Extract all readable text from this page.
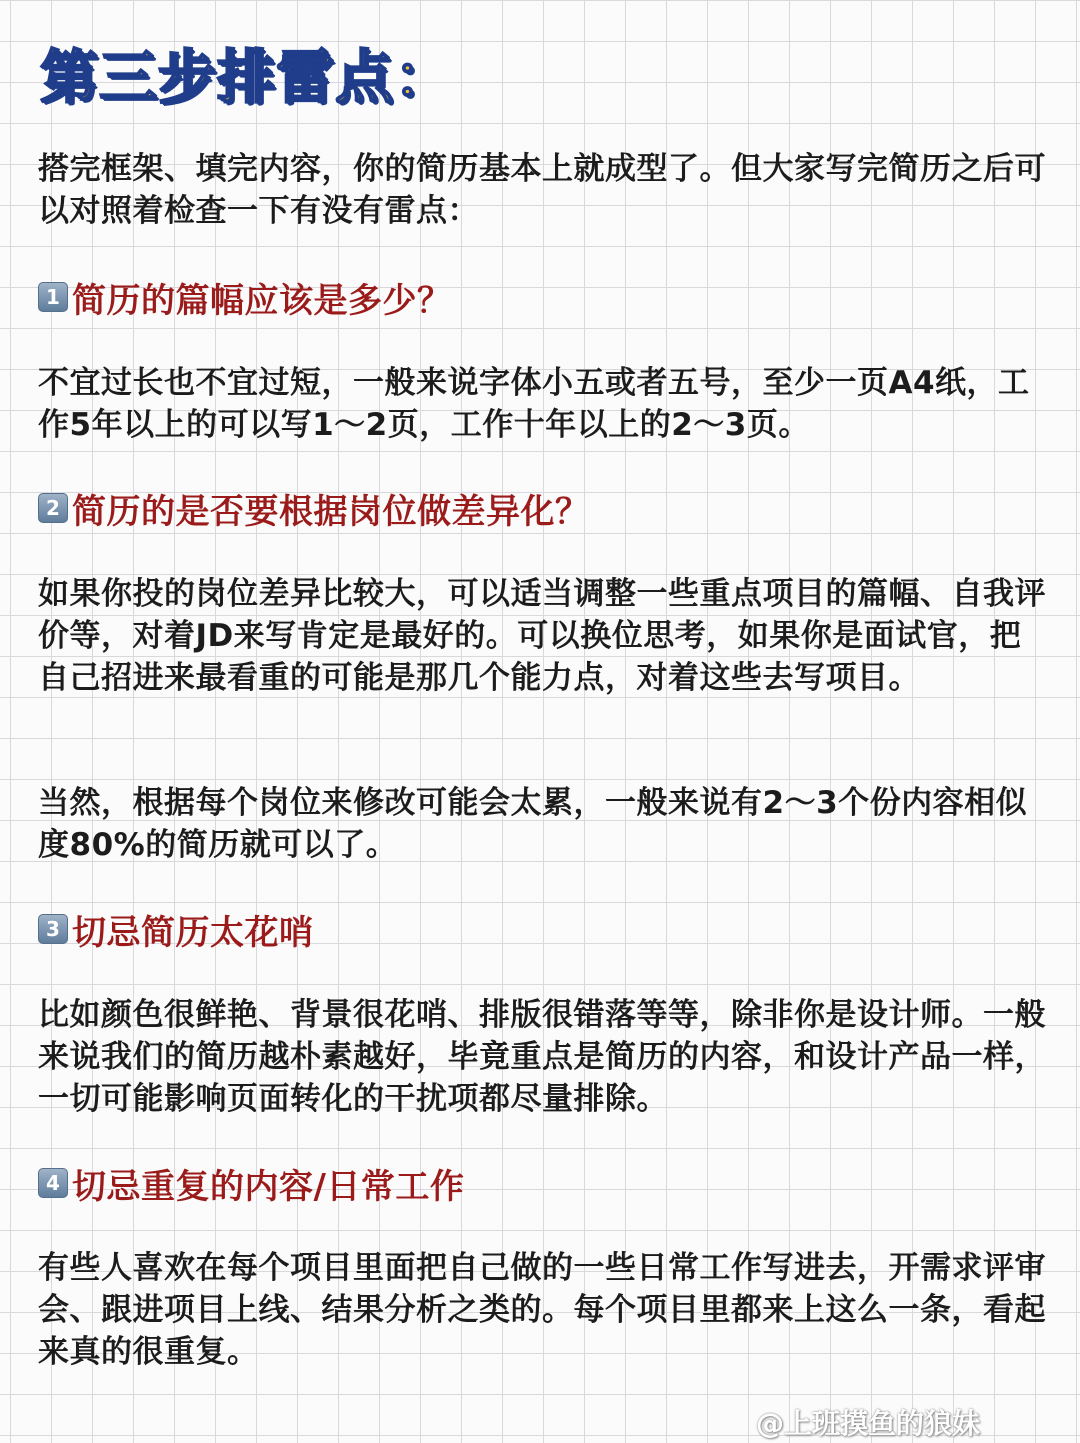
第三步排雷点：

搭完框架、填完内容，你的简历基本上就成型了。但大家写完简历之后可以对照着检查一下有没有雷点：

1 简历的篇幅应该是多少？

不宜过长也不宜过短，一般来说字体小五或者五号，至少一页A4纸，工作5年以上的可以写1～2页，工作十年以上的2～3页。

2 简历的是否要根据岗位做差异化？

如果你投的岗位差异比较大，可以适当调整一些重点项目的篇幅、自我评价等，对着JD来写肯定是最好的。可以换位思考，如果你是面试官，把自己招进来最看重的可能是那几个能力点，对着这些去写项目。

当然，根据每个岗位来修改可能会太累，一般来说有2～3个份内容相似度80%的简历就可以了。

3 切忌简历太花哨

比如颜色很鲜艳、背景很花哨、排版很错落等等，除非你是设计师。一般来说我们的简历越朴素越好，毕竟重点是简历的内容，和设计产品一样，一切可能影响页面转化的干扰项都尽量排除。

4 切忌重复的内容/日常工作

有些人喜欢在每个项目里面把自己做的一些日常工作写进去，开需求评审会、跟进项目上线、结果分析之类的。每个项目里都来上这么一条，看起来真的很重复。

@上班摸鱼的狼妹
